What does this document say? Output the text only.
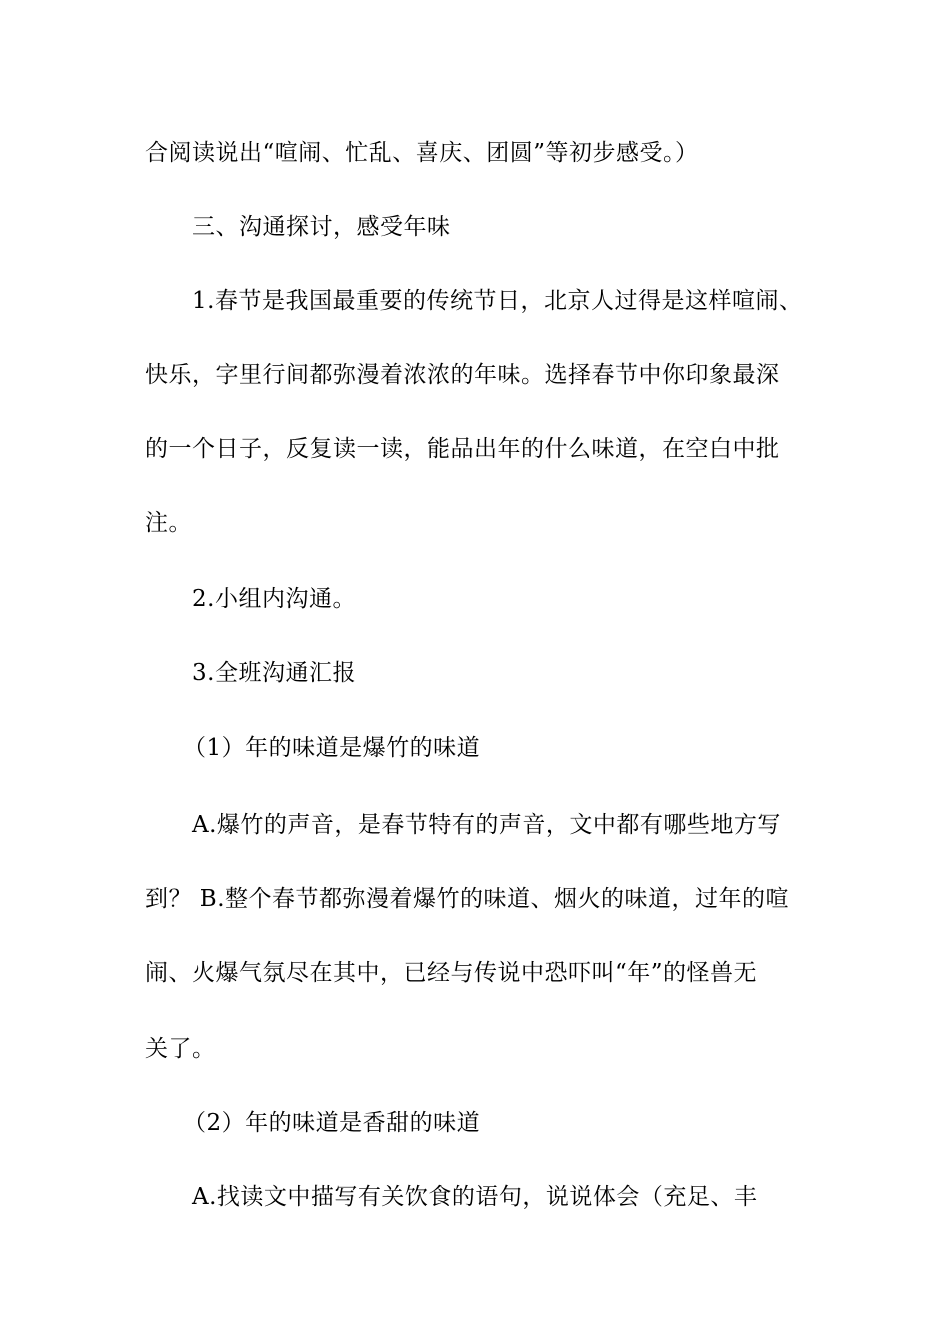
合阅读说出“喧闹、忙乱、喜庆、团圆”等初步感受。）

三、沟通探讨，感受年味

1.春节是我国最重要的传统节日，北京人过得是这样喧闹、

快乐，字里行间都弥漫着浓浓的年味。选择春节中你印象最深

的一个日子，反复读一读，能品出年的什么味道，在空白中批

注。

2.小组内沟通。

3.全班沟通汇报

（1）年的味道是爆竹的味道

A.爆竹的声音，是春节特有的声音，文中都有哪些地方写

到？ B.整个春节都弥漫着爆竹的味道、烟火的味道，过年的喧

闹、火爆气氛尽在其中，已经与传说中恐吓叫“年”的怪兽无

关了。

（2）年的味道是香甜的味道

A.找读文中描写有关饮食的语句，说说体会（充足、丰
